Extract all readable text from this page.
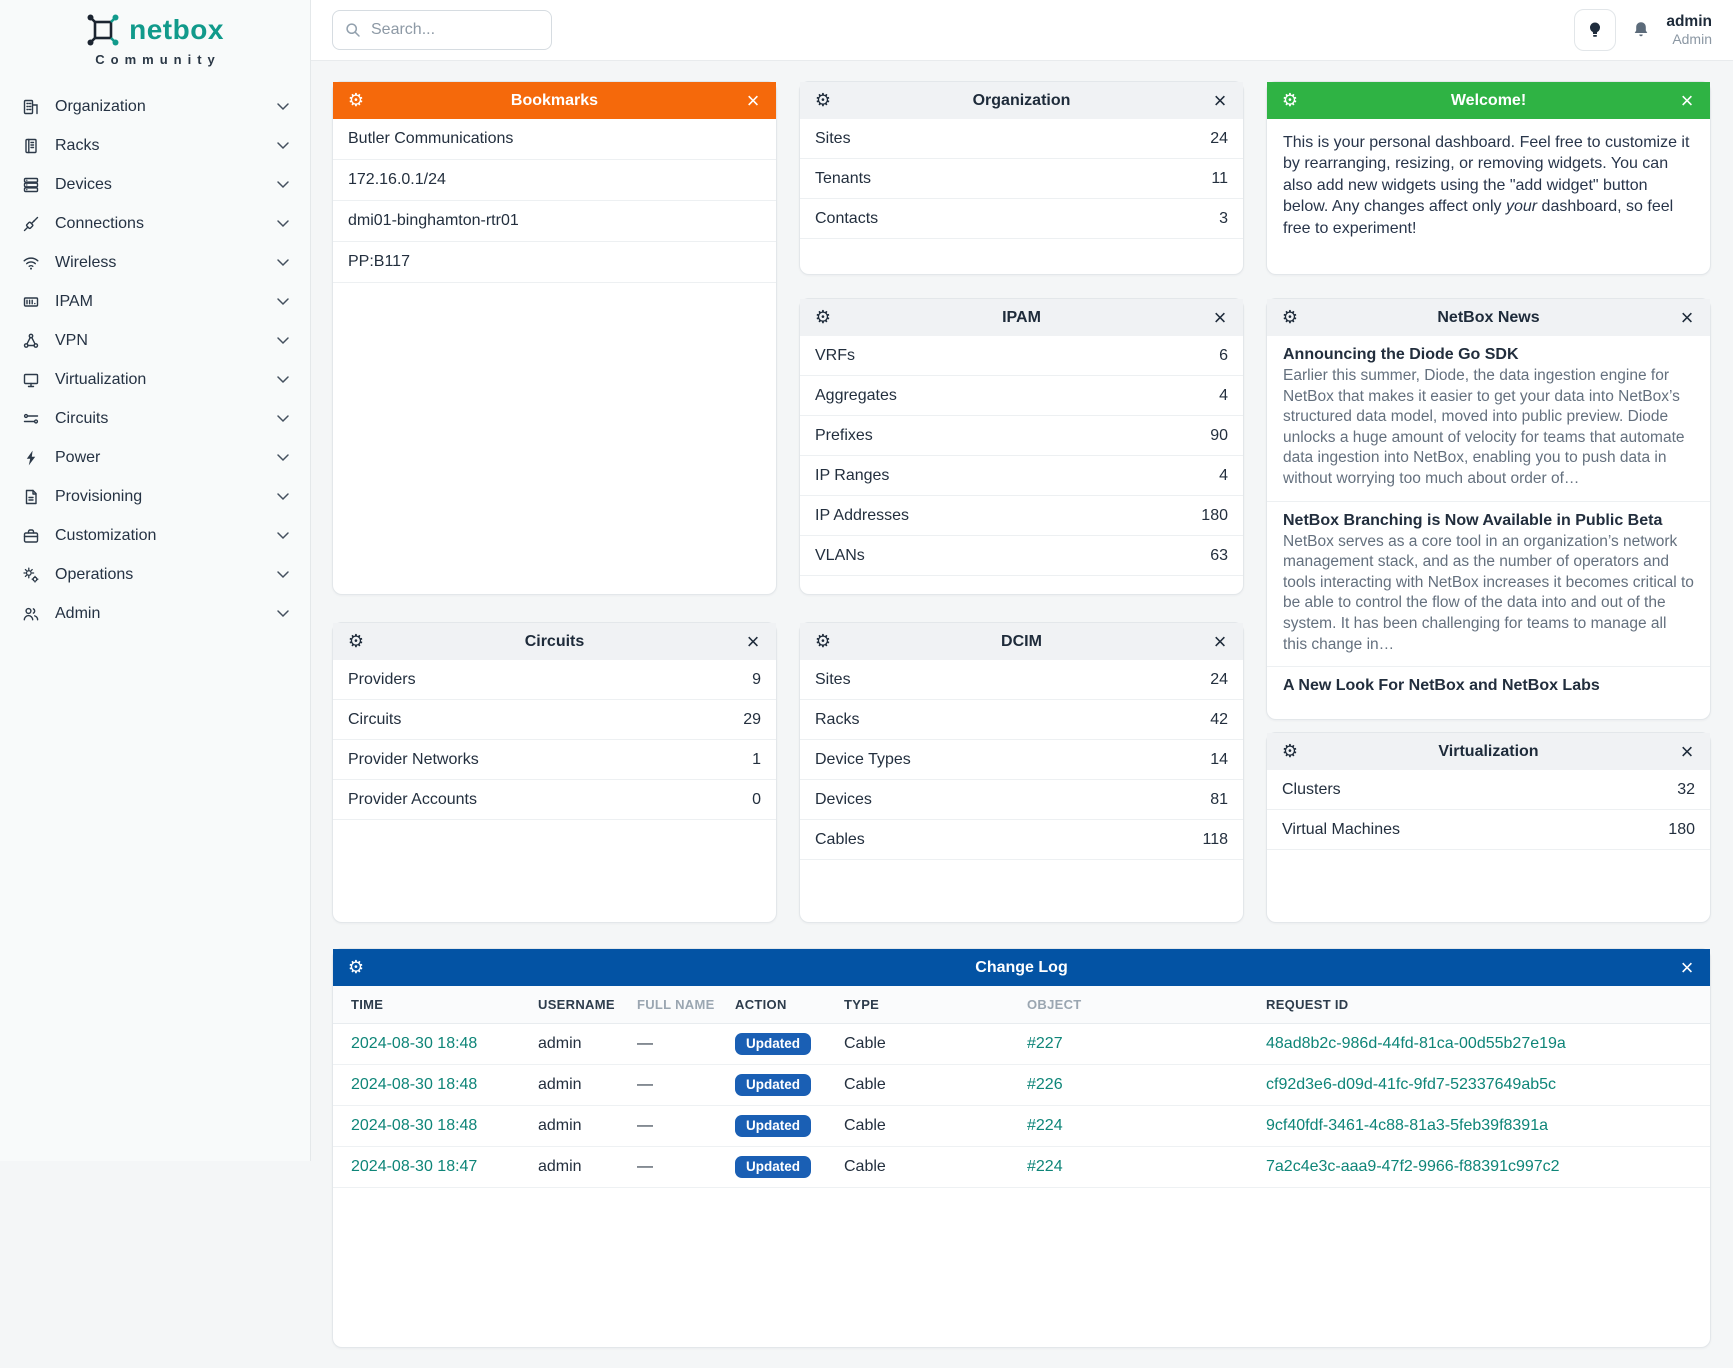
netbox
Community
Organization
Racks
Devices
Connections
Wireless
IPAM
VPN
Virtualization
Circuits
Power
Provisioning
Customization
Operations
Admin
Search...
admin
Admin
⚙	Bookmarks	×
Butler Communications
172.16.0.1/24
dmi01-binghamton-rtr01
PP:B117
⚙	Circuits	×
Providers	9
Circuits	29
Provider Networks	1
Provider Accounts	0
⚙	Organization	×
Sites	24
Tenants	11
Contacts	3
⚙	IPAM	×
VRFs	6
Aggregates	4
Prefixes	90
IP Ranges	4
IP Addresses	180
VLANs	63
⚙	DCIM	×
Sites	24
Racks	42
Device Types	14
Devices	81
Cables	118
⚙	Welcome!	×
This is your personal dashboard. Feel free to customize it by rearranging, resizing, or removing widgets. You can also add new widgets using the "add widget" button below. Any changes affect only your dashboard, so feel free to experiment!
⚙	NetBox News	×
Announcing the Diode Go SDK
Earlier this summer, Diode, the data ingestion engine for NetBox that makes it easier to get your data into NetBox’s structured data model, moved into public preview. Diode unlocks a huge amount of velocity for teams that automate data ingestion into NetBox, enabling you to push data in without worrying too much about order of…
NetBox Branching is Now Available in Public Beta
NetBox serves as a core tool in an organization’s network management stack, and as the number of operators and tools interacting with NetBox increases it becomes critical to be able to control the flow of the data into and out of the system. It has been challenging for teams to manage all this change in…
A New Look For NetBox and NetBox Labs
⚙	Virtualization	×
Clusters	32
Virtual Machines	180
⚙	Change Log	×
TIME	USERNAME	FULL NAME	ACTION	TYPE	OBJECT	REQUEST ID
2024-08-30 18:48	admin	—	Updated	Cable	#227	48ad8b2c-986d-44fd-81ca-00d55b27e19a
2024-08-30 18:48	admin	—	Updated	Cable	#226	cf92d3e6-d09d-41fc-9fd7-52337649ab5c
2024-08-30 18:48	admin	—	Updated	Cable	#224	9cf40fdf-3461-4c88-81a3-5feb39f8391a
2024-08-30 18:47	admin	—	Updated	Cable	#224	7a2c4e3c-aaa9-47f2-9966-f88391c997c2
